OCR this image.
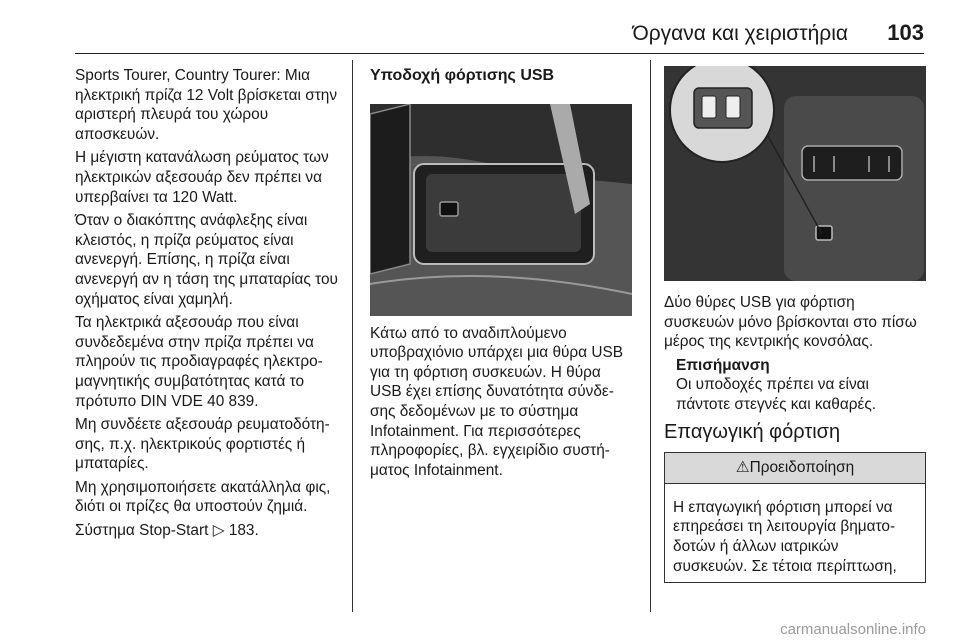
Όργανα και χειριστήρια 103

Sports Tourer, Country Tourer: Μια ηλεκτρική πρίζα 12 Volt βρίσκεται στην αριστερή πλευρά του χώρου αποσκευών.

Η μέγιστη κατανάλωση ρεύματος των ηλεκτρικών αξεσουάρ δεν πρέπει να υπερβαίνει τα 120 Watt.

Όταν ο διακόπτης ανάφλεξης είναι κλειστός, η πρίζα ρεύματος είναι ανενεργή. Επίσης, η πρίζα είναι ανενεργή αν η τάση της μπαταρίας του οχήματος είναι χαμηλή.

Τα ηλεκτρικά αξεσουάρ που είναι συνδεδεμένα στην πρίζα πρέπει να πληρούν τις προδιαγραφές ηλεκτρο-μαγνητικής συμβατότητας κατά το πρότυπο DIN VDE 40 839.

Μη συνδέετε αξεσουάρ ρευματοδότη-σης, π.χ. ηλεκτρικούς φορτιστές ή μπαταρίες.

Μη χρησιμοποιήσετε ακατάλληλα φις, διότι οι πρίζες θα υποστούν ζημιά.

Σύστημα Stop-Start ▷ 183.

Υποδοχή φόρτισης USB

Κάτω από το αναδιπλούμενο υποβραχιόνιο υπάρχει μια θύρα USB για τη φόρτιση συσκευών. Η θύρα USB έχει επίσης δυνατότητα σύνδε-σης δεδομένων με το σύστημα Infotainment. Για περισσότερες πληροφορίες, βλ. εγχειρίδιο συστή-ματος Infotainment.

Δύο θύρες USB για φόρτιση συσκευών μόνο βρίσκονται στο πίσω μέρος της κεντρικής κονσόλας.

Επισήμανση
Οι υποδοχές πρέπει να είναι πάντοτε στεγνές και καθαρές.
Επαγωγική φόρτιση
⚠Προειδοποίηση
Η επαγωγική φόρτιση μπορεί να επηρεάσει τη λειτουργία βηματο-δοτών ή άλλων ιατρικών συσκευών. Σε τέτοια περίπτωση,
carmanualsonline.info
